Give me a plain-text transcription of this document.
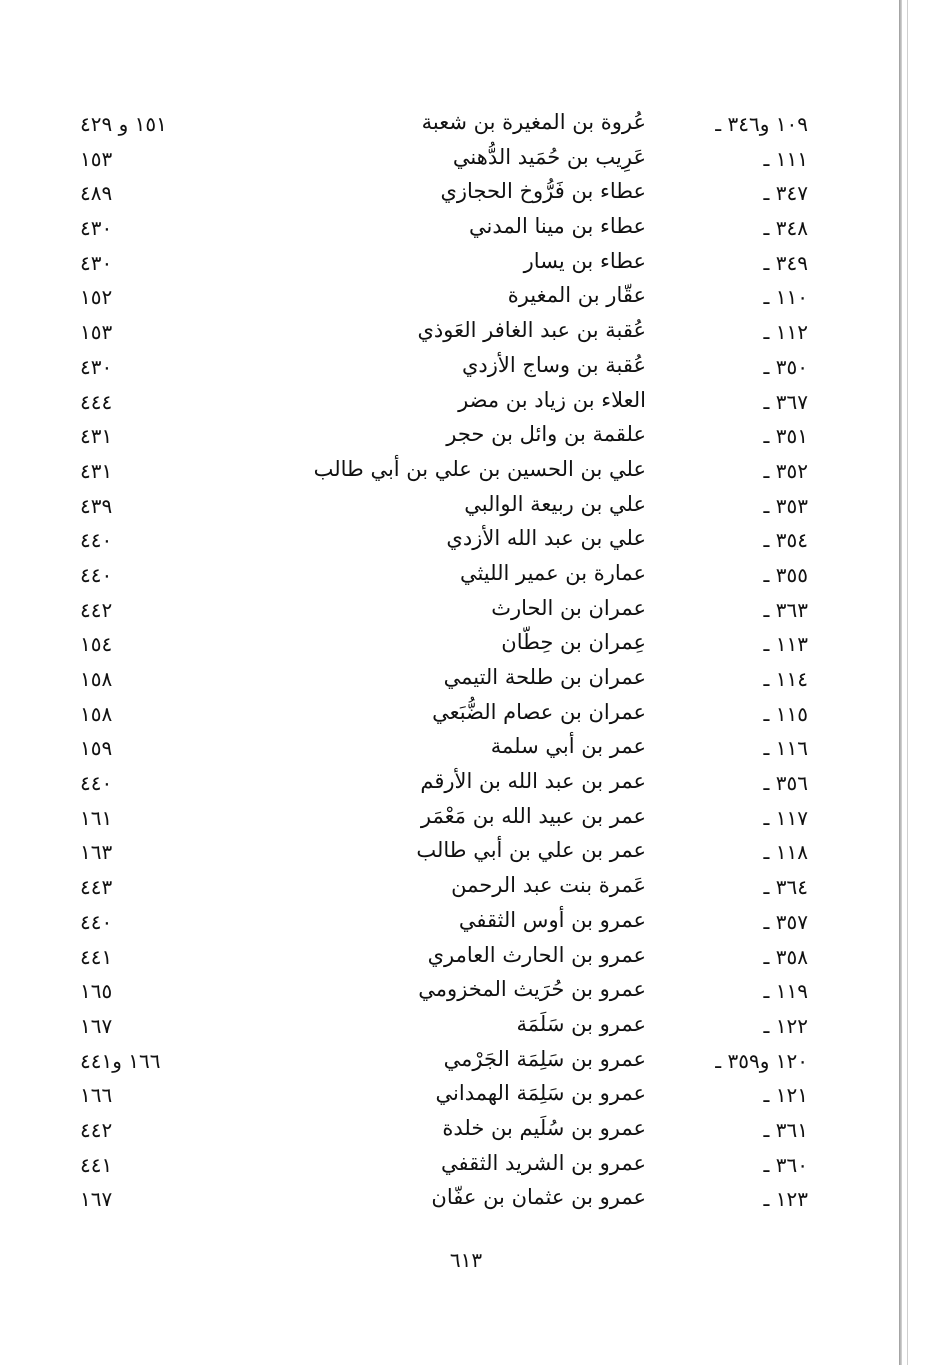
١٠٩ و٣٤٦ ـ
عُروة بن المغيرة بن شعبة
١٥١ و ٤٢٩
١١١ ـ
عَرِيب بن حُمَيد الدُّهني
١٥٣
٣٤٧ ـ
عطاء بن فَرُّوخ الحجازي
٤٨٩
٣٤٨ ـ
عطاء بن مينا المدني
٤٣٠
٣٤٩ ـ
عطاء بن يسار
٤٣٠
١١٠ ـ
عقّار بن المغيرة
١٥٢
١١٢ ـ
عُقبة بن عبد الغافر العَوذي
١٥٣
٣٥٠ ـ
عُقبة بن وساج الأزدي
٤٣٠
٣٦٧ ـ
العلاء بن زياد بن مضر
٤٤٤
٣٥١ ـ
علقمة بن وائل بن حجر
٤٣١
٣٥٢ ـ
علي بن الحسين بن علي بن أبي طالب
٤٣١
٣٥٣ ـ
علي بن ربيعة الوالبي
٤٣٩
٣٥٤ ـ
علي بن عبد الله الأزدي
٤٤٠
٣٥٥ ـ
عمارة بن عمير الليثي
٤٤٠
٣٦٣ ـ
عمران بن الحارث
٤٤٢
١١٣ ـ
عِمران بن حِطّان
١٥٤
١١٤ ـ
عمران بن طلحة التيمي
١٥٨
١١٥ ـ
عمران بن عصام الضُّبَعي
١٥٨
١١٦ ـ
عمر بن أبي سلمة
١٥٩
٣٥٦ ـ
عمر بن عبد الله بن الأرقم
٤٤٠
١١٧ ـ
عمر بن عبيد الله بن مَعْمَر
١٦١
١١٨ ـ
عمر بن علي بن أبي طالب
١٦٣
٣٦٤ ـ
عَمرة بنت عبد الرحمن
٤٤٣
٣٥٧ ـ
عمرو بن أوس الثقفي
٤٤٠
٣٥٨ ـ
عمرو بن الحارث العامري
٤٤١
١١٩ ـ
عمرو بن حُرَيث المخزومي
١٦٥
١٢٢ ـ
عمرو بن سَلَمَة
١٦٧
١٢٠ و٣٥٩ ـ
عمرو بن سَلِمَة الجَرْمي
١٦٦ و٤٤١
١٢١ ـ
عمرو بن سَلِمَة الهمداني
١٦٦
٣٦١ ـ
عمرو بن سُلَيم بن خلدة
٤٤٢
٣٦٠ ـ
عمرو بن الشريد الثقفي
٤٤١
١٢٣ ـ
عمرو بن عثمان بن عفّان
١٦٧
٦١٣
